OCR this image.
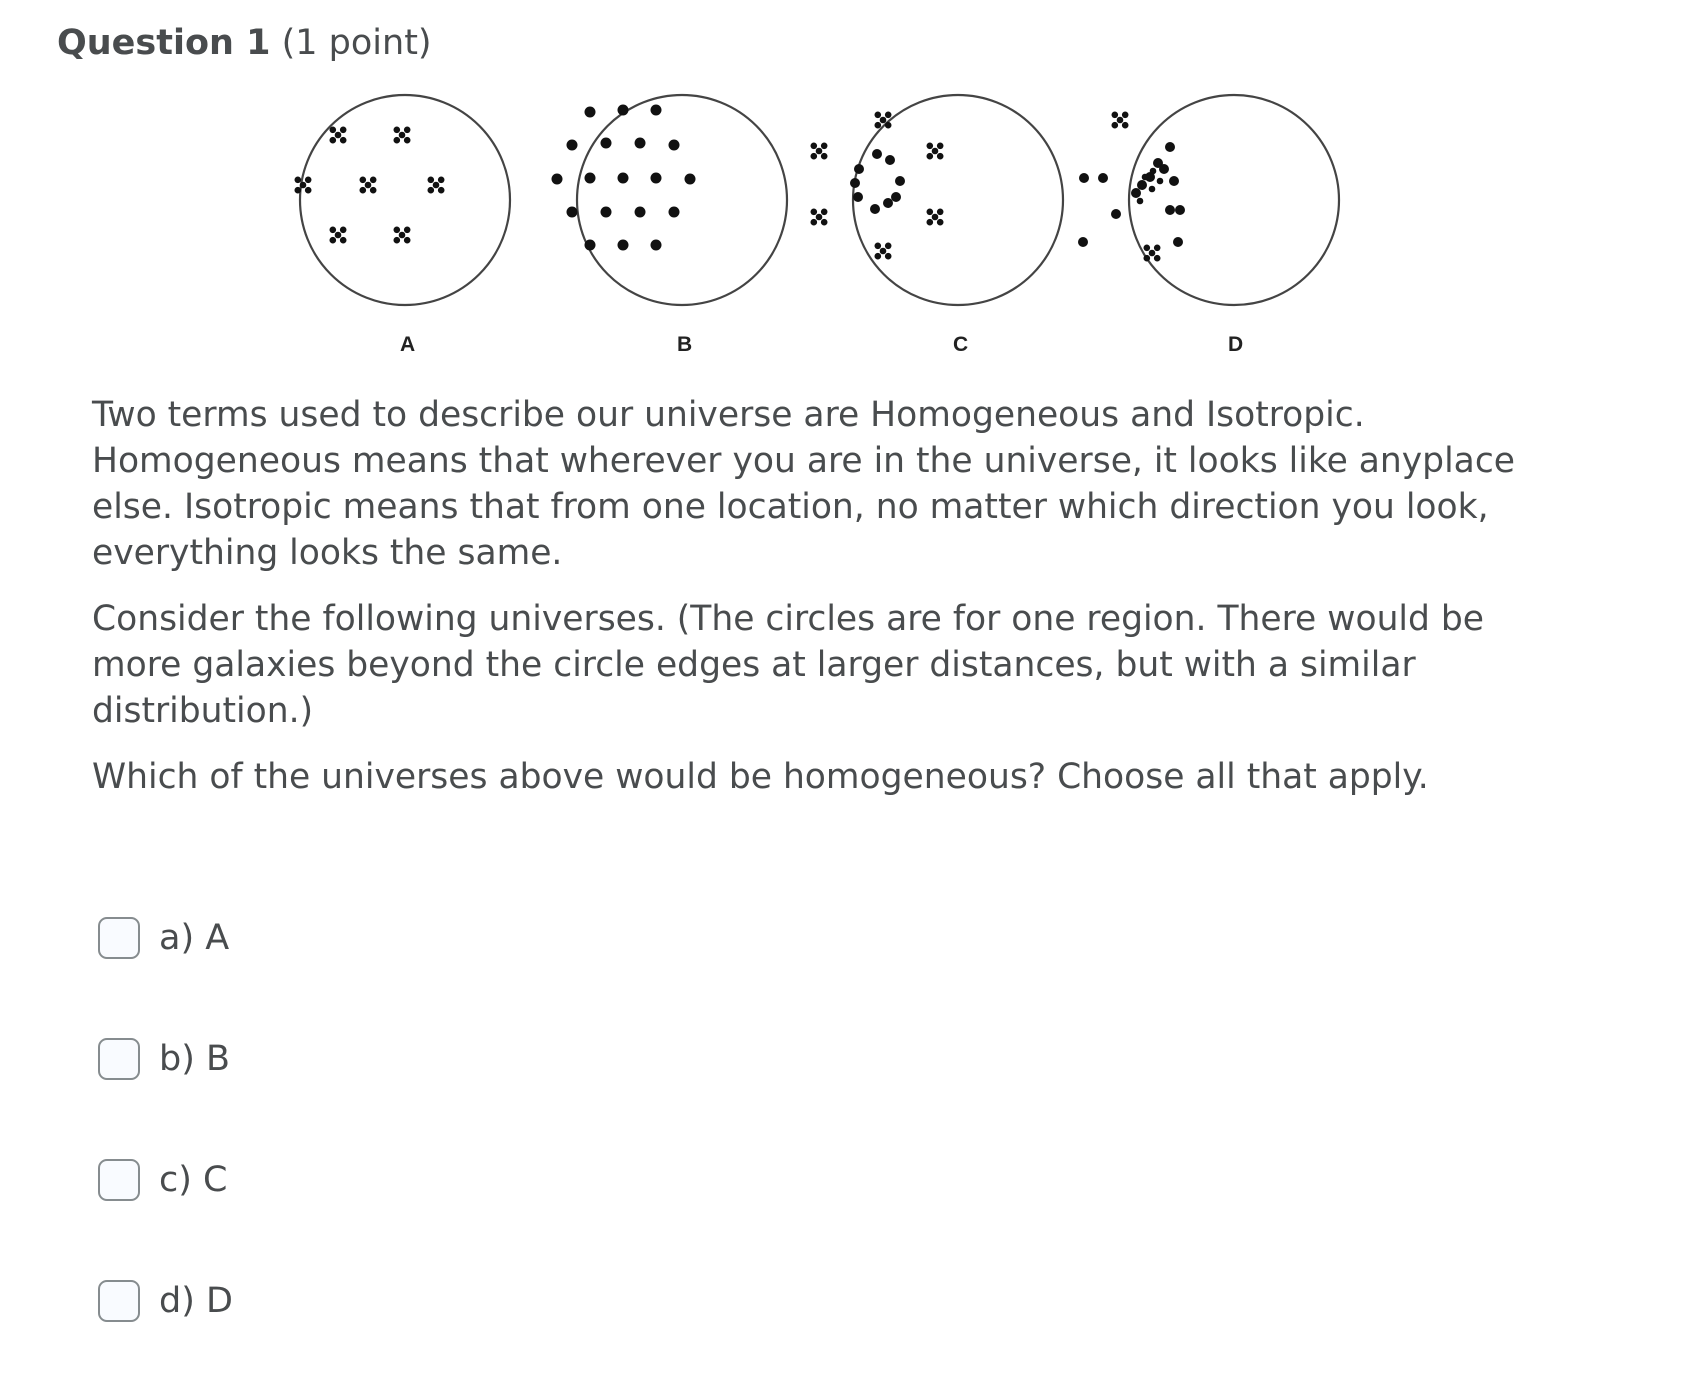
Question 1 (1 point)
A	B	C	D

Two terms used to describe our universe are Homogeneous and Isotropic. Homogeneous means that wherever you are in the universe, it looks like anyplace else. Isotropic means that from one location, no matter which direction you look, everything looks the same.

Consider the following universes. (The circles are for one region. There would be more galaxies beyond the circle edges at larger distances, but with a similar distribution.)

Which of the universes above would be homogeneous? Choose all that apply.

a) A
b) B
c) C
d) D
